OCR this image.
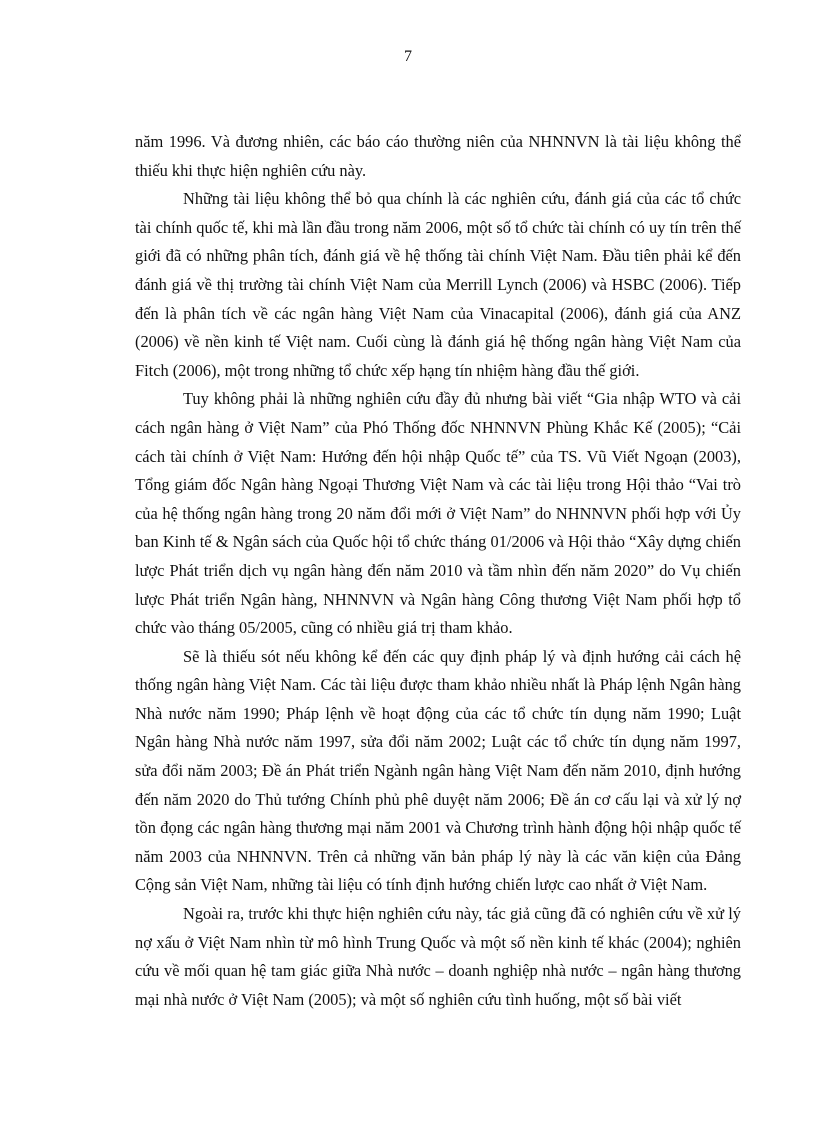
7

năm 1996. Và đương nhiên, các báo cáo thường niên của NHNNVN là tài liệu không thể thiếu khi thực hiện nghiên cứu này.

Những tài liệu không thể bỏ qua chính là các nghiên cứu, đánh giá của các tổ chức tài chính quốc tế, khi mà lần đầu trong năm 2006, một số tổ chức tài chính có uy tín trên thế giới đã có những phân tích, đánh giá về hệ thống tài chính Việt Nam. Đầu tiên phải kể đến đánh giá về thị trường tài chính Việt Nam của Merrill Lynch (2006) và HSBC (2006). Tiếp đến là phân tích về các ngân hàng Việt Nam của Vinacapital (2006), đánh giá của ANZ (2006) về nền kinh tế Việt nam. Cuối cùng là đánh giá hệ thống ngân hàng Việt Nam của Fitch (2006), một trong những tổ chức xếp hạng tín nhiệm hàng đầu thế giới.

Tuy không phải là những nghiên cứu đầy đủ nhưng bài viết “Gia nhập WTO và cải cách ngân hàng ở Việt Nam” của Phó Thống đốc NHNNVN Phùng Khắc Kế (2005); “Cải cách tài chính ở Việt Nam: Hướng đến hội nhập Quốc tế” của TS. Vũ Viết Ngoạn (2003), Tổng giám đốc Ngân hàng Ngoại Thương Việt Nam và các tài liệu trong Hội thảo “Vai trò của hệ thống ngân hàng trong 20 năm đổi mới ở Việt Nam” do NHNNVN phối hợp với Ủy ban Kinh tế & Ngân sách của Quốc hội tổ chức tháng 01/2006 và Hội thảo “Xây dựng chiến lược Phát triển dịch vụ ngân hàng đến năm 2010 và tầm nhìn đến năm 2020” do Vụ chiến lược Phát triển Ngân hàng, NHNNVN và Ngân hàng Công thương Việt Nam phối hợp tổ chức vào tháng 05/2005, cũng có nhiều giá trị tham khảo.

Sẽ là thiếu sót nếu không kể đến các quy định pháp lý và định hướng cải cách hệ thống ngân hàng Việt Nam. Các tài liệu được tham khảo nhiều nhất là Pháp lệnh Ngân hàng Nhà nước năm 1990; Pháp lệnh về hoạt động của các tổ chức tín dụng năm 1990; Luật Ngân hàng Nhà nước năm 1997, sửa đổi năm 2002; Luật các tổ chức tín dụng năm 1997, sửa đổi năm 2003; Đề án Phát triển Ngành ngân hàng Việt Nam đến năm 2010, định hướng đến năm 2020 do Thủ tướng Chính phủ phê duyệt năm 2006; Đề án cơ cấu lại và xử lý nợ tồn đọng các ngân hàng thương mại năm 2001 và Chương trình hành động hội nhập quốc tế năm 2003 của NHNNVN. Trên cả những văn bản pháp lý này là các văn kiện của Đảng Cộng sản Việt Nam, những tài liệu có tính định hướng chiến lược cao nhất ở Việt Nam.

Ngoài ra, trước khi thực hiện nghiên cứu này, tác giả cũng đã có nghiên cứu về xử lý nợ xấu ở Việt Nam nhìn từ mô hình Trung Quốc và một số nền kinh tế khác (2004); nghiên cứu về mối quan hệ tam giác giữa Nhà nước – doanh nghiệp nhà nước – ngân hàng thương mại nhà nước ở Việt Nam (2005); và một số nghiên cứu tình huống, một số bài viết
